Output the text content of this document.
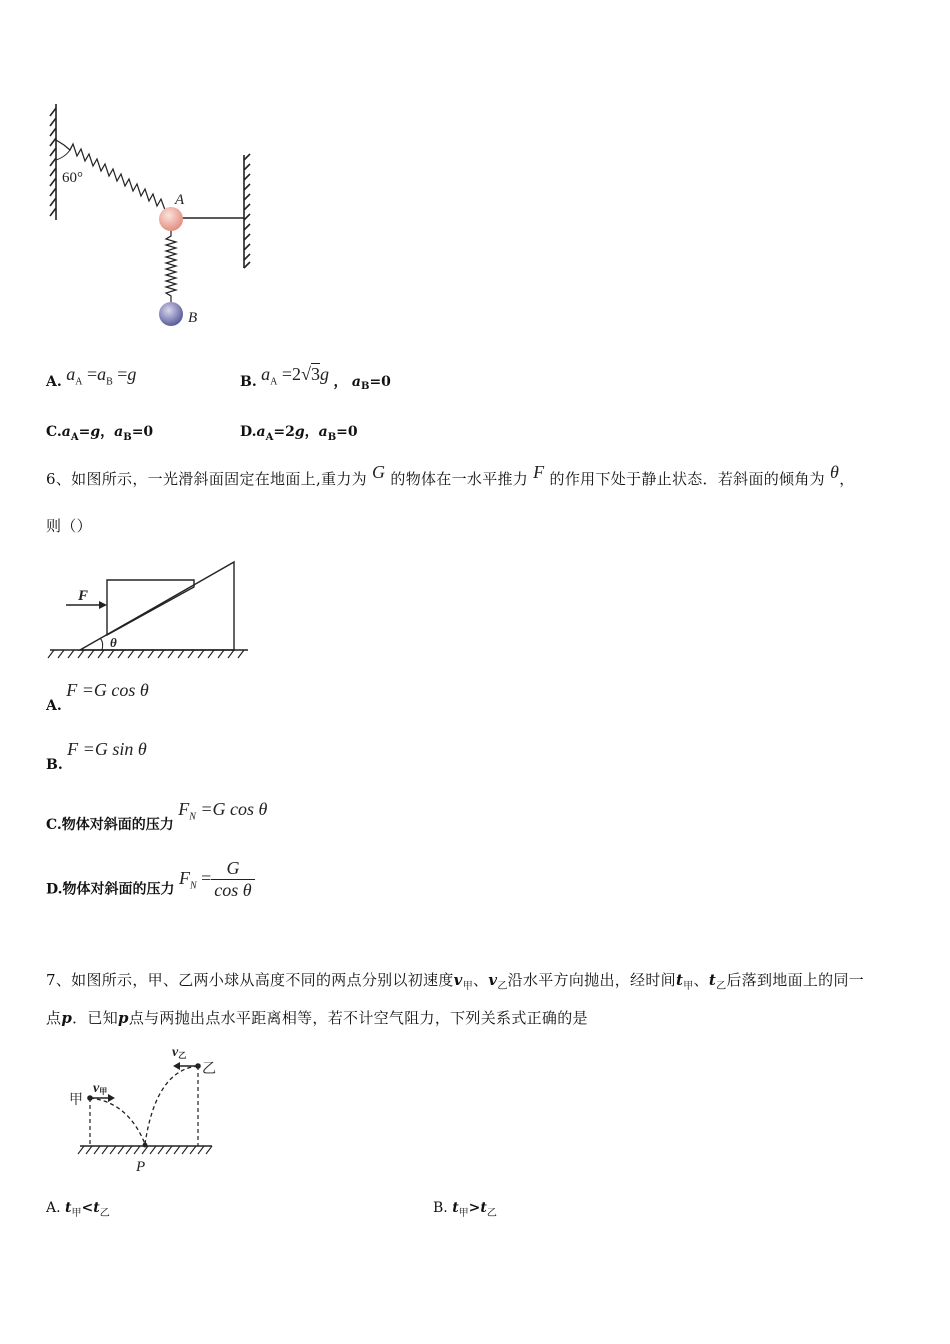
60°
A
B
A. $a_A =a_B =g$	B. $a_A =2√3g$ ， $a_B=0$
$C.a_A=g$，$a_B=0$	$D.a_A=2g$，$a_B=0$
6、如图所示，一光滑斜面固定在地面上,重力为 G 的物体在一水平推力 F 的作用下处于静止状态．若斜面的倾角为 θ，
则（）
F
θ
A. F =G cos θ
B. F =G sin θ
C.物体对斜面的压力 $F_N =G$ cos θ
D.物体对斜面的压力 $F_N = \frac{G}{\text{cos θ}}$
7、如图所示，甲、乙两小球从高度不同的两点分别以初速度$v_甲$、$v_乙$沿水平方向抛出，经时间$t_甲$、$t_乙$后落到地面上的同一
点p．已知p点与两抛出点水平距离相等，若不计空气阻力，下列关系式正确的是
甲
乙
v甲
v乙
P
A. $t_甲<t_乙$	B. $t_甲>t_乙$
